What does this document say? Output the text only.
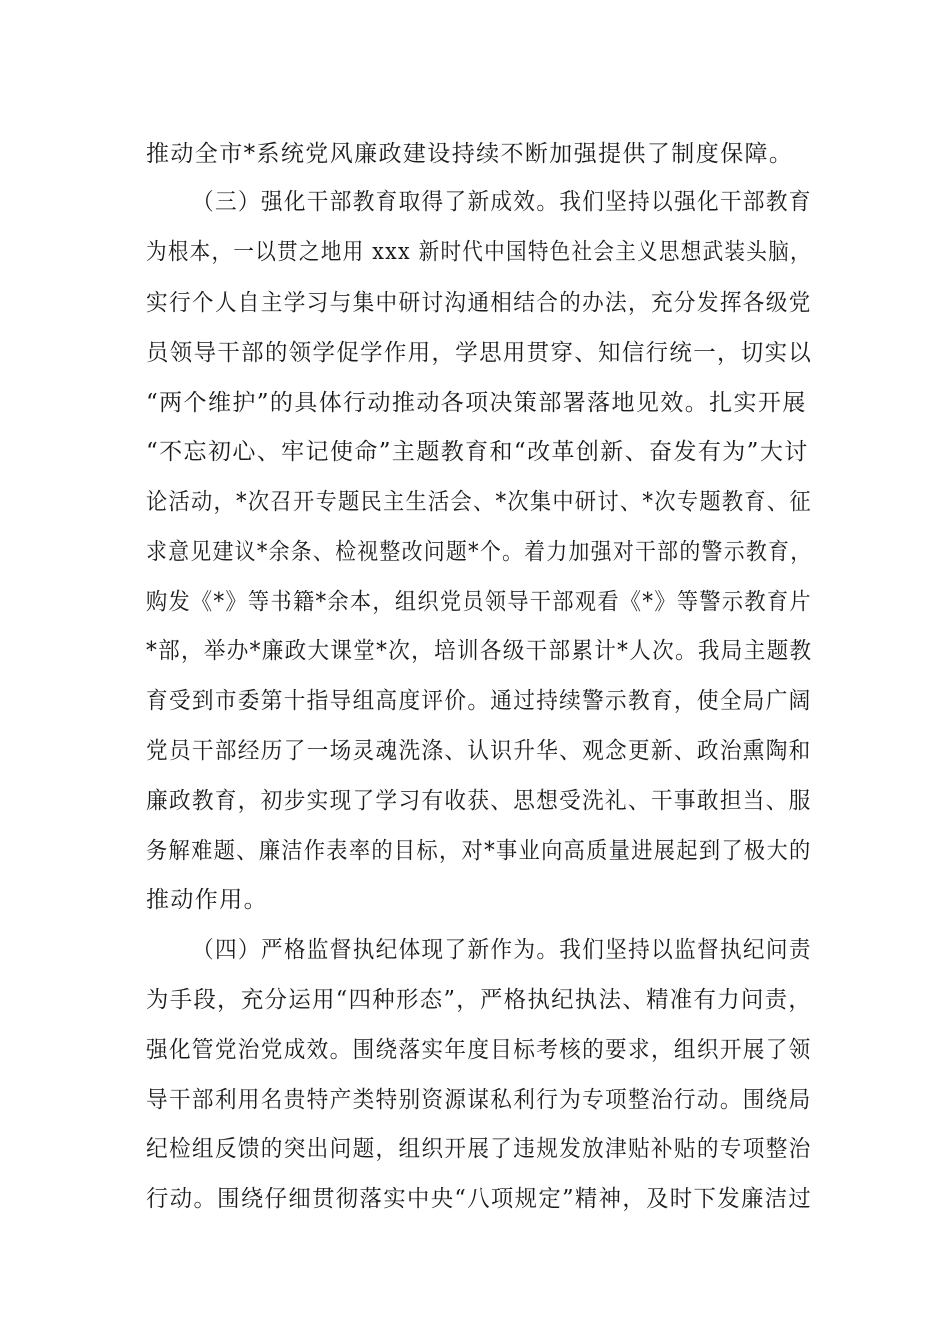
推动全市*系统党风廉政建设持续不断加强提供了制度保障。
（三）强化干部教育取得了新成效。我们坚持以强化干部教育
为根本，一以贯之地用 xxx 新时代中国特色社会主义思想武装头脑，
实行个人自主学习与集中研讨沟通相结合的办法，充分发挥各级党
员领导干部的领学促学作用，学思用贯穿、知信行统一，切实以
“两个维护”的具体行动推动各项决策部署落地见效。扎实开展
“不忘初心、牢记使命”主题教育和“改革创新、奋发有为”大讨
论活动，*次召开专题民主生活会、*次集中研讨、*次专题教育、征
求意见建议*余条、检视整改问题*个。着力加强对干部的警示教育，
购发《*》等书籍*余本，组织党员领导干部观看《*》等警示教育片
*部，举办*廉政大课堂*次，培训各级干部累计*人次。我局主题教
育受到市委第十指导组高度评价。通过持续警示教育，使全局广阔
党员干部经历了一场灵魂洗涤、认识升华、观念更新、政治熏陶和
廉政教育，初步实现了学习有收获、思想受洗礼、干事敢担当、服
务解难题、廉洁作表率的目标，对*事业向高质量进展起到了极大的
推动作用。
（四）严格监督执纪体现了新作为。我们坚持以监督执纪问责
为手段，充分运用“四种形态”，严格执纪执法、精准有力问责，
强化管党治党成效。围绕落实年度目标考核的要求，组织开展了领
导干部利用名贵特产类特别资源谋私利行为专项整治行动。围绕局
纪检组反馈的突出问题，组织开展了违规发放津贴补贴的专项整治
行动。围绕仔细贯彻落实中央“八项规定”精神，及时下发廉洁过
